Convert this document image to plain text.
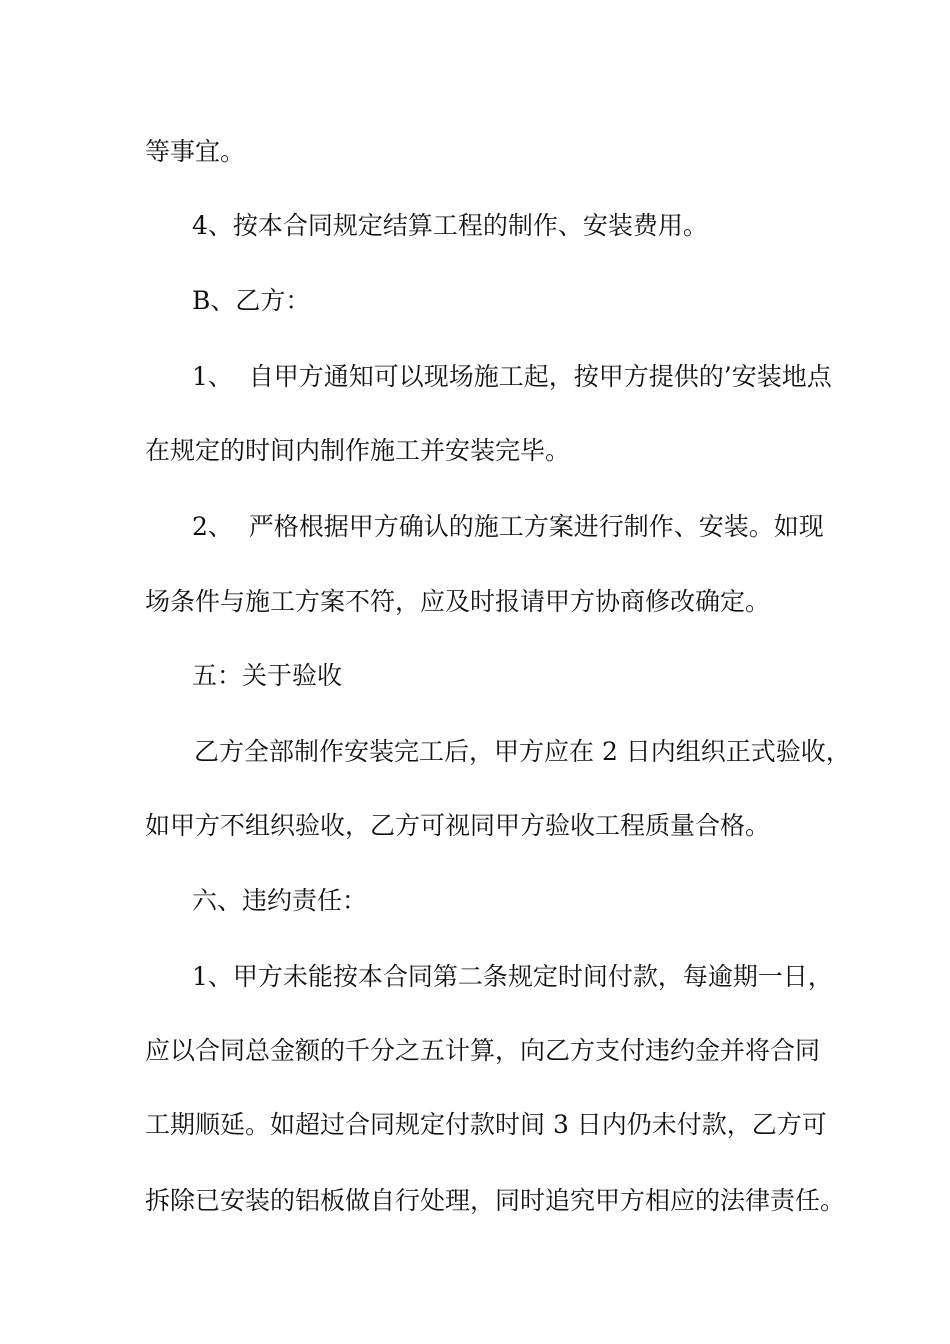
等事宜。
4、按本合同规定结算工程的制作、安装费用。
B、乙方：
1、  自甲方通知可以现场施工起，按甲方提供的’安装地点
在规定的时间内制作施工并安装完毕。
2、  严格根据甲方确认的施工方案进行制作、安装。如现
场条件与施工方案不符，应及时报请甲方协商修改确定。
五：关于验收
乙方全部制作安装完工后，甲方应在 2 日内组织正式验收，
如甲方不组织验收，乙方可视同甲方验收工程质量合格。
六、违约责任：
1、甲方未能按本合同第二条规定时间付款，每逾期一日，
应以合同总金额的千分之五计算，向乙方支付违约金并将合同
工期顺延。如超过合同规定付款时间 3 日内仍未付款，乙方可
拆除已安装的铝板做自行处理，同时追究甲方相应的法律责任。
